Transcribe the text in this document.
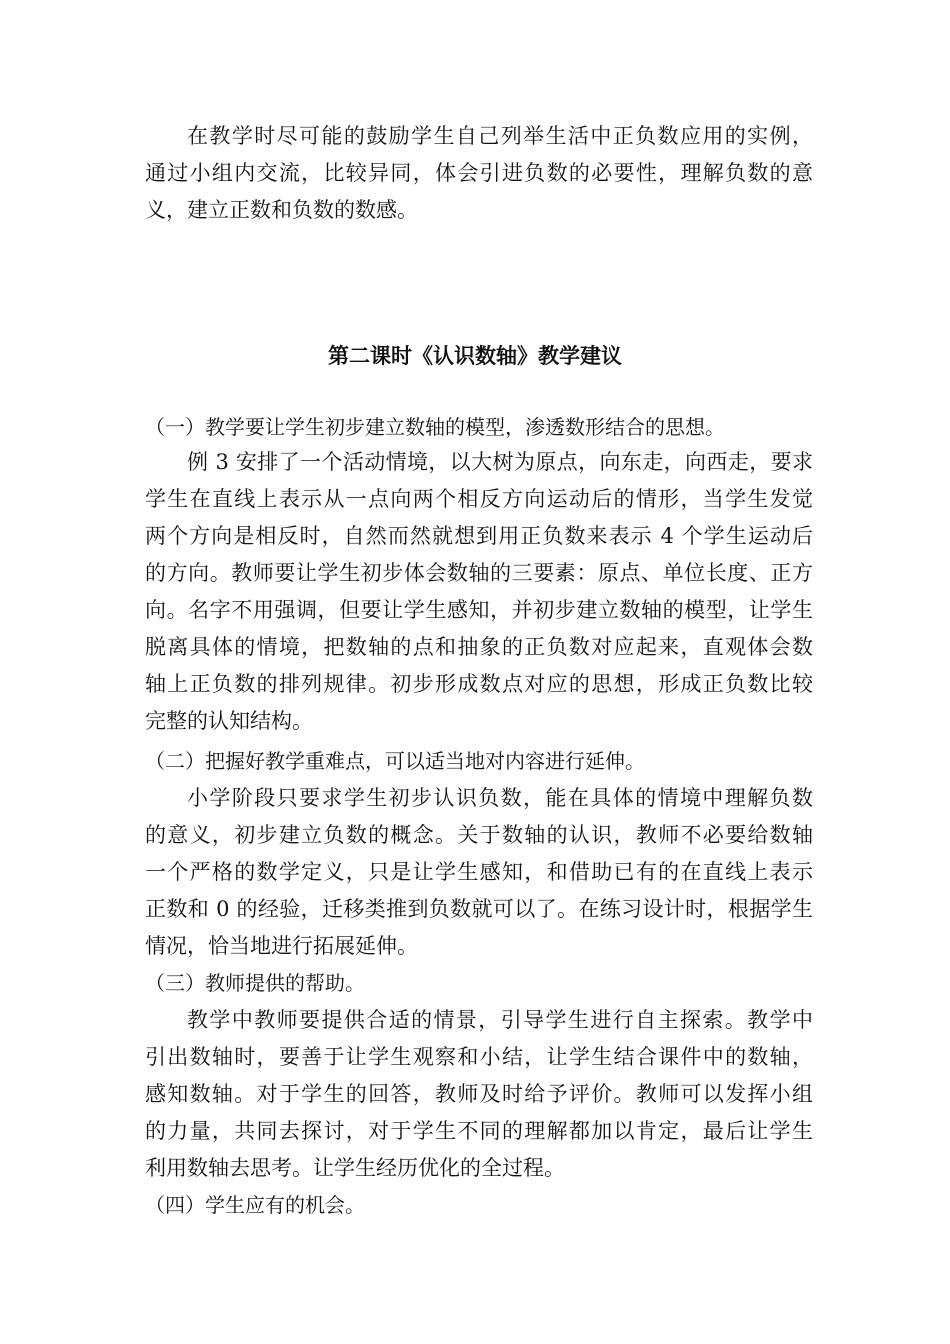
在教学时尽可能的鼓励学生自己列举生活中正负数应用的实例，
通过小组内交流，比较异同，体会引进负数的必要性，理解负数的意
义，建立正数和负数的数感。
第二课时《认识数轴》教学建议
（一）教学要让学生初步建立数轴的模型，渗透数形结合的思想。
例 3 安排了一个活动情境，以大树为原点，向东走，向西走，要求
学生在直线上表示从一点向两个相反方向运动后的情形，当学生发觉
两个方向是相反时，自然而然就想到用正负数来表示 4 个学生运动后
的方向。教师要让学生初步体会数轴的三要素：原点、单位长度、正方
向。名字不用强调，但要让学生感知，并初步建立数轴的模型，让学生
脱离具体的情境，把数轴的点和抽象的正负数对应起来，直观体会数
轴上正负数的排列规律。初步形成数点对应的思想，形成正负数比较
完整的认知结构。
（二）把握好教学重难点，可以适当地对内容进行延伸。
小学阶段只要求学生初步认识负数，能在具体的情境中理解负数
的意义，初步建立负数的概念。关于数轴的认识，教师不必要给数轴
一个严格的数学定义，只是让学生感知，和借助已有的在直线上表示
正数和 0 的经验，迁移类推到负数就可以了。在练习设计时，根据学生
情况，恰当地进行拓展延伸。
（三）教师提供的帮助。
教学中教师要提供合适的情景，引导学生进行自主探索。教学中
引出数轴时，要善于让学生观察和小结，让学生结合课件中的数轴，
感知数轴。对于学生的回答，教师及时给予评价。教师可以发挥小组
的力量，共同去探讨，对于学生不同的理解都加以肯定，最后让学生
利用数轴去思考。让学生经历优化的全过程。
（四）学生应有的机会。
